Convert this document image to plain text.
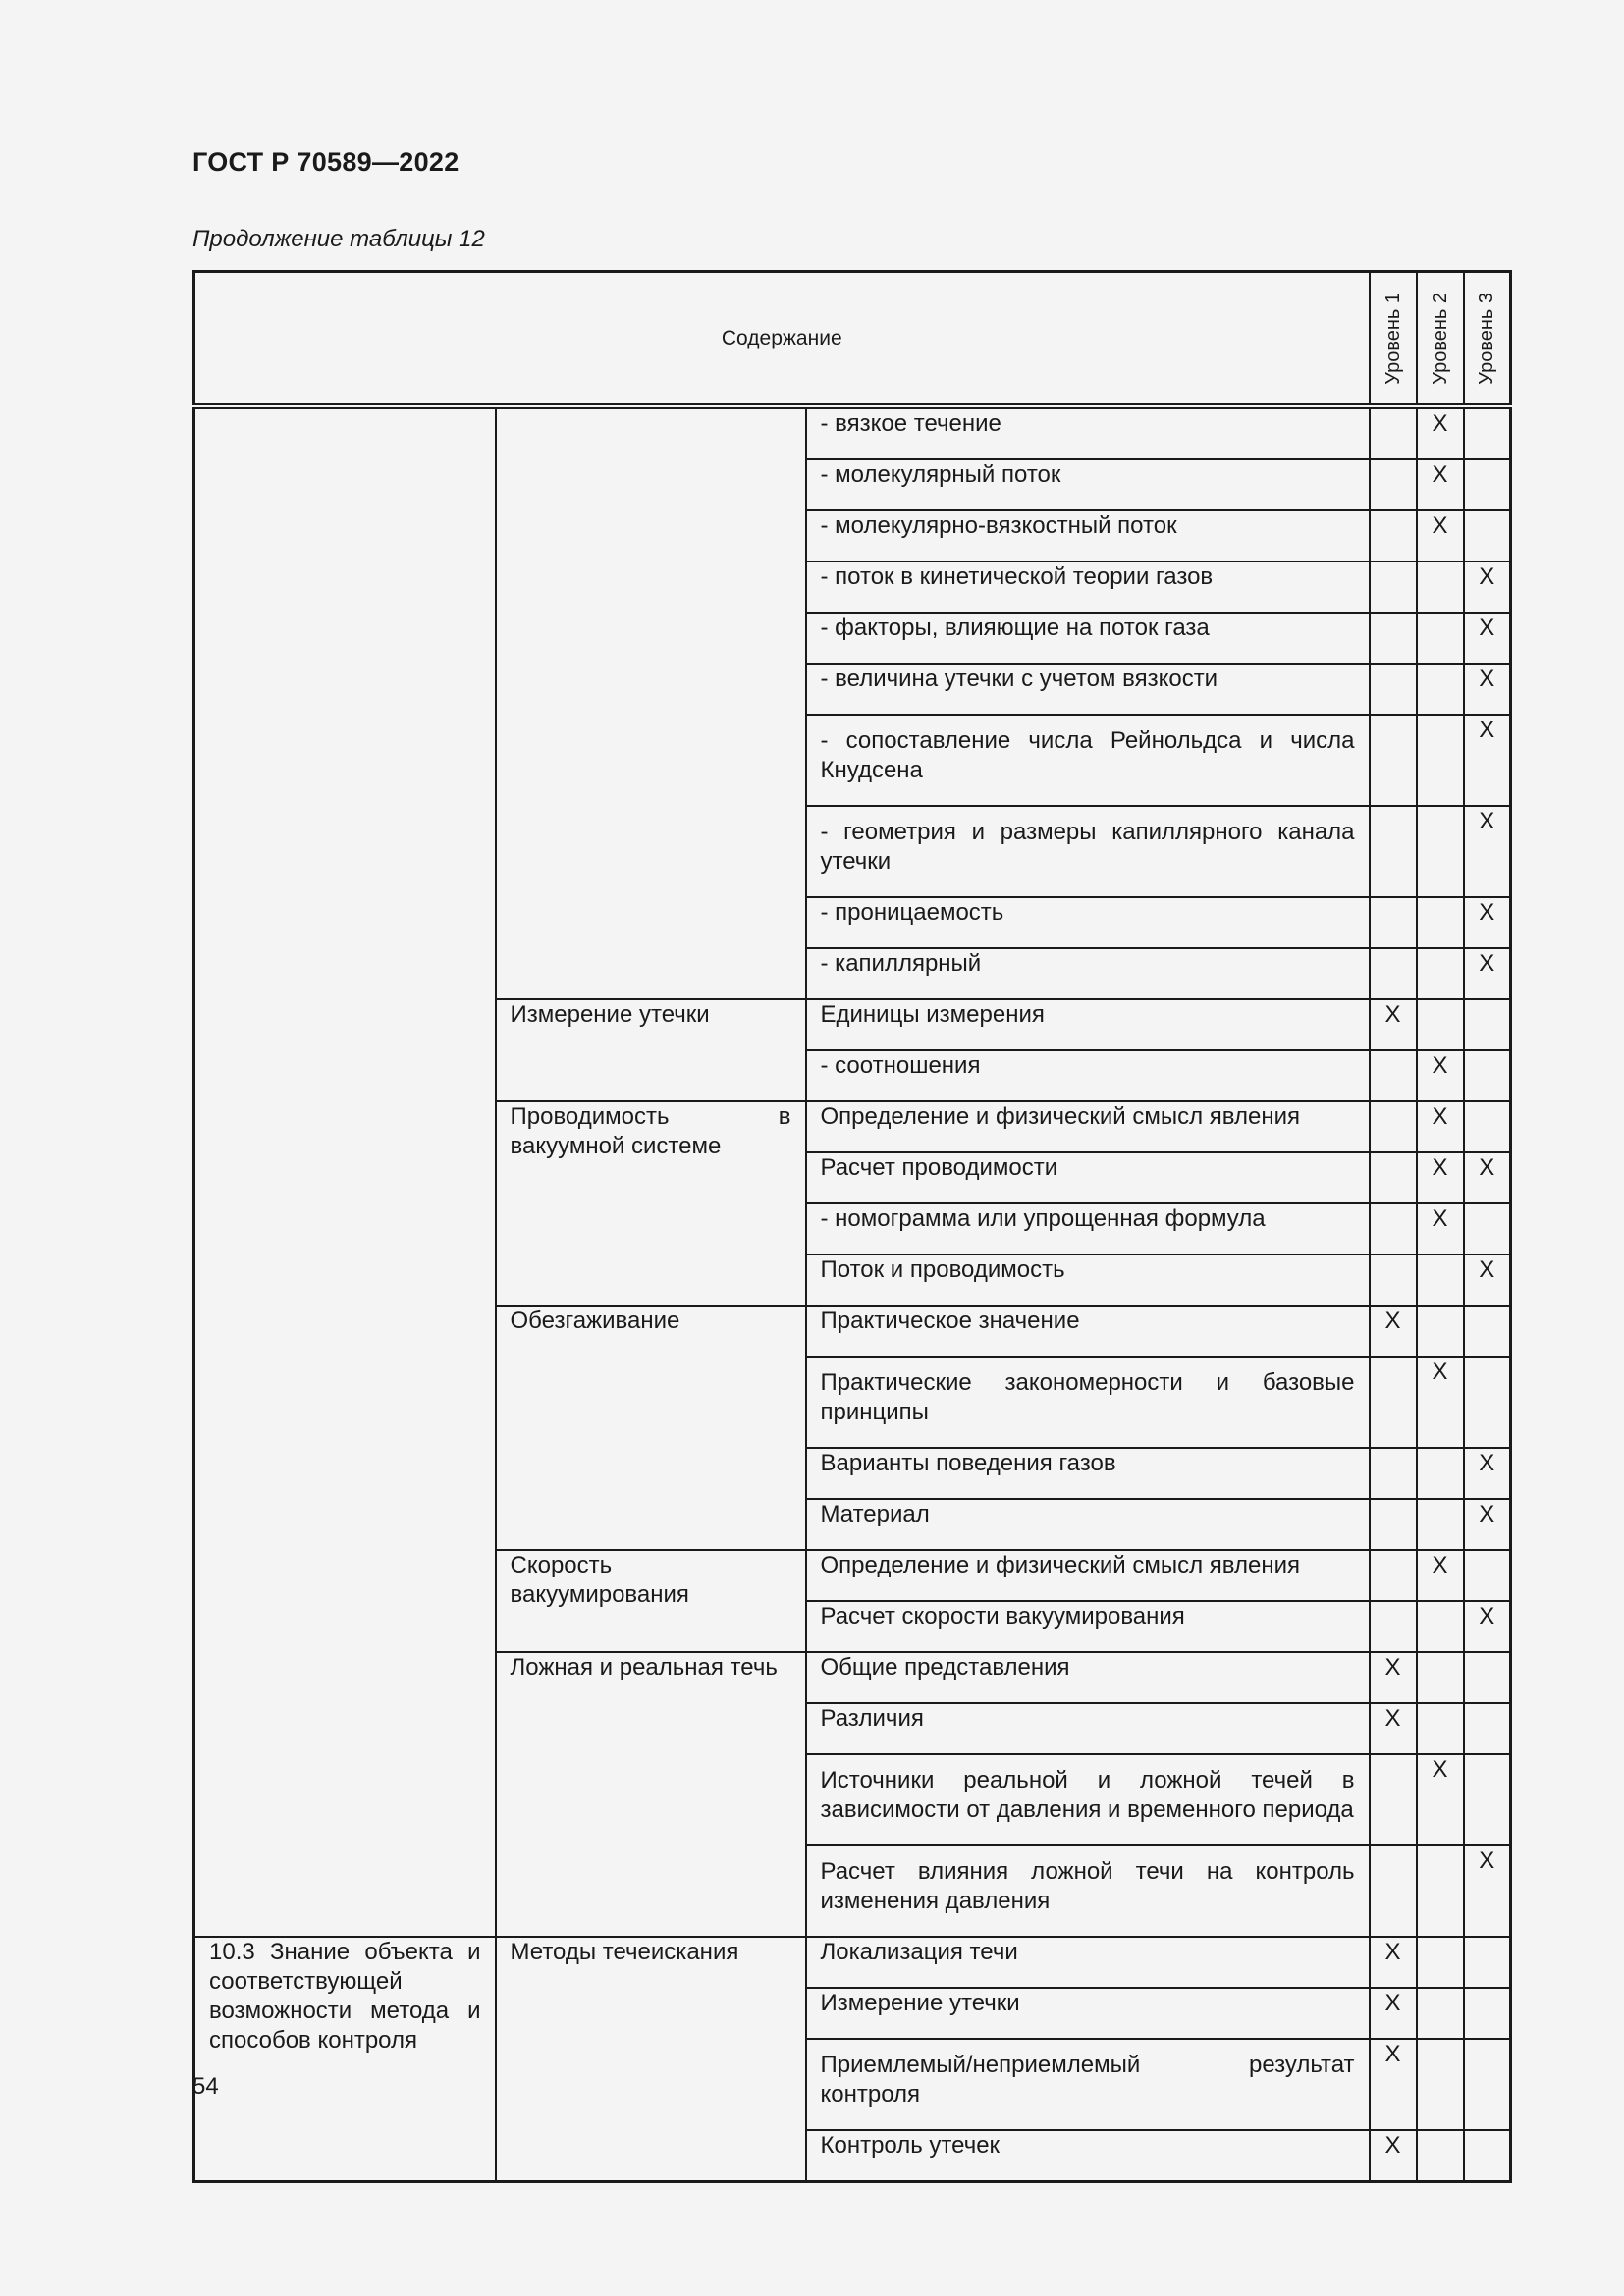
ГОСТ Р 70589—2022
Продолжение таблицы 12
Содержание			Уровень 1	Уровень 2	Уровень 3

		- вязкое течение		X	
		- молекулярный поток		X	
		- молекулярно-вязкостный поток		X	
		- поток в кинетической теории газов			X
		- факторы, влияющие на поток газа			X
		- величина утечки с учетом вязкости			X
		- сопоставление числа Рейнольдса и числа Кнудсена			X
		- геометрия и размеры капиллярного канала утечки			X
		- проницаемость			X
		- капиллярный			X
	Измерение утечки	Единицы измерения	X		
		- соотношения		X	
	Проводимость в вакуумной системе	Определение и физический смысл явления		X	
		Расчет проводимости		X	X
		- номограмма или упрощенная формула		X	
		Поток и проводимость			X
	Обезгаживание	Практическое значение	X		
		Практические закономерности и базовые принципы		X	
		Варианты поведения газов			X
		Материал			X
	Скорость вакуумирования	Определение и физический смысл явления		X	
		Расчет скорости вакуумирования			X
	Ложная и реальная течь	Общие представления	X		
		Различия	X		
		Источники реальной и ложной течей в зависимости от давления и временного периода		X	
		Расчет влияния ложной течи на контроль изменения давления			X
10.3 Знание объекта и соответствующей возможности метода и способов контроля	Методы течеискания	Локализация течи	X		
		Измерение утечки	X		
		Приемлемый/неприемлемый результат контроля	X		
		Контроль утечек	X		
54
